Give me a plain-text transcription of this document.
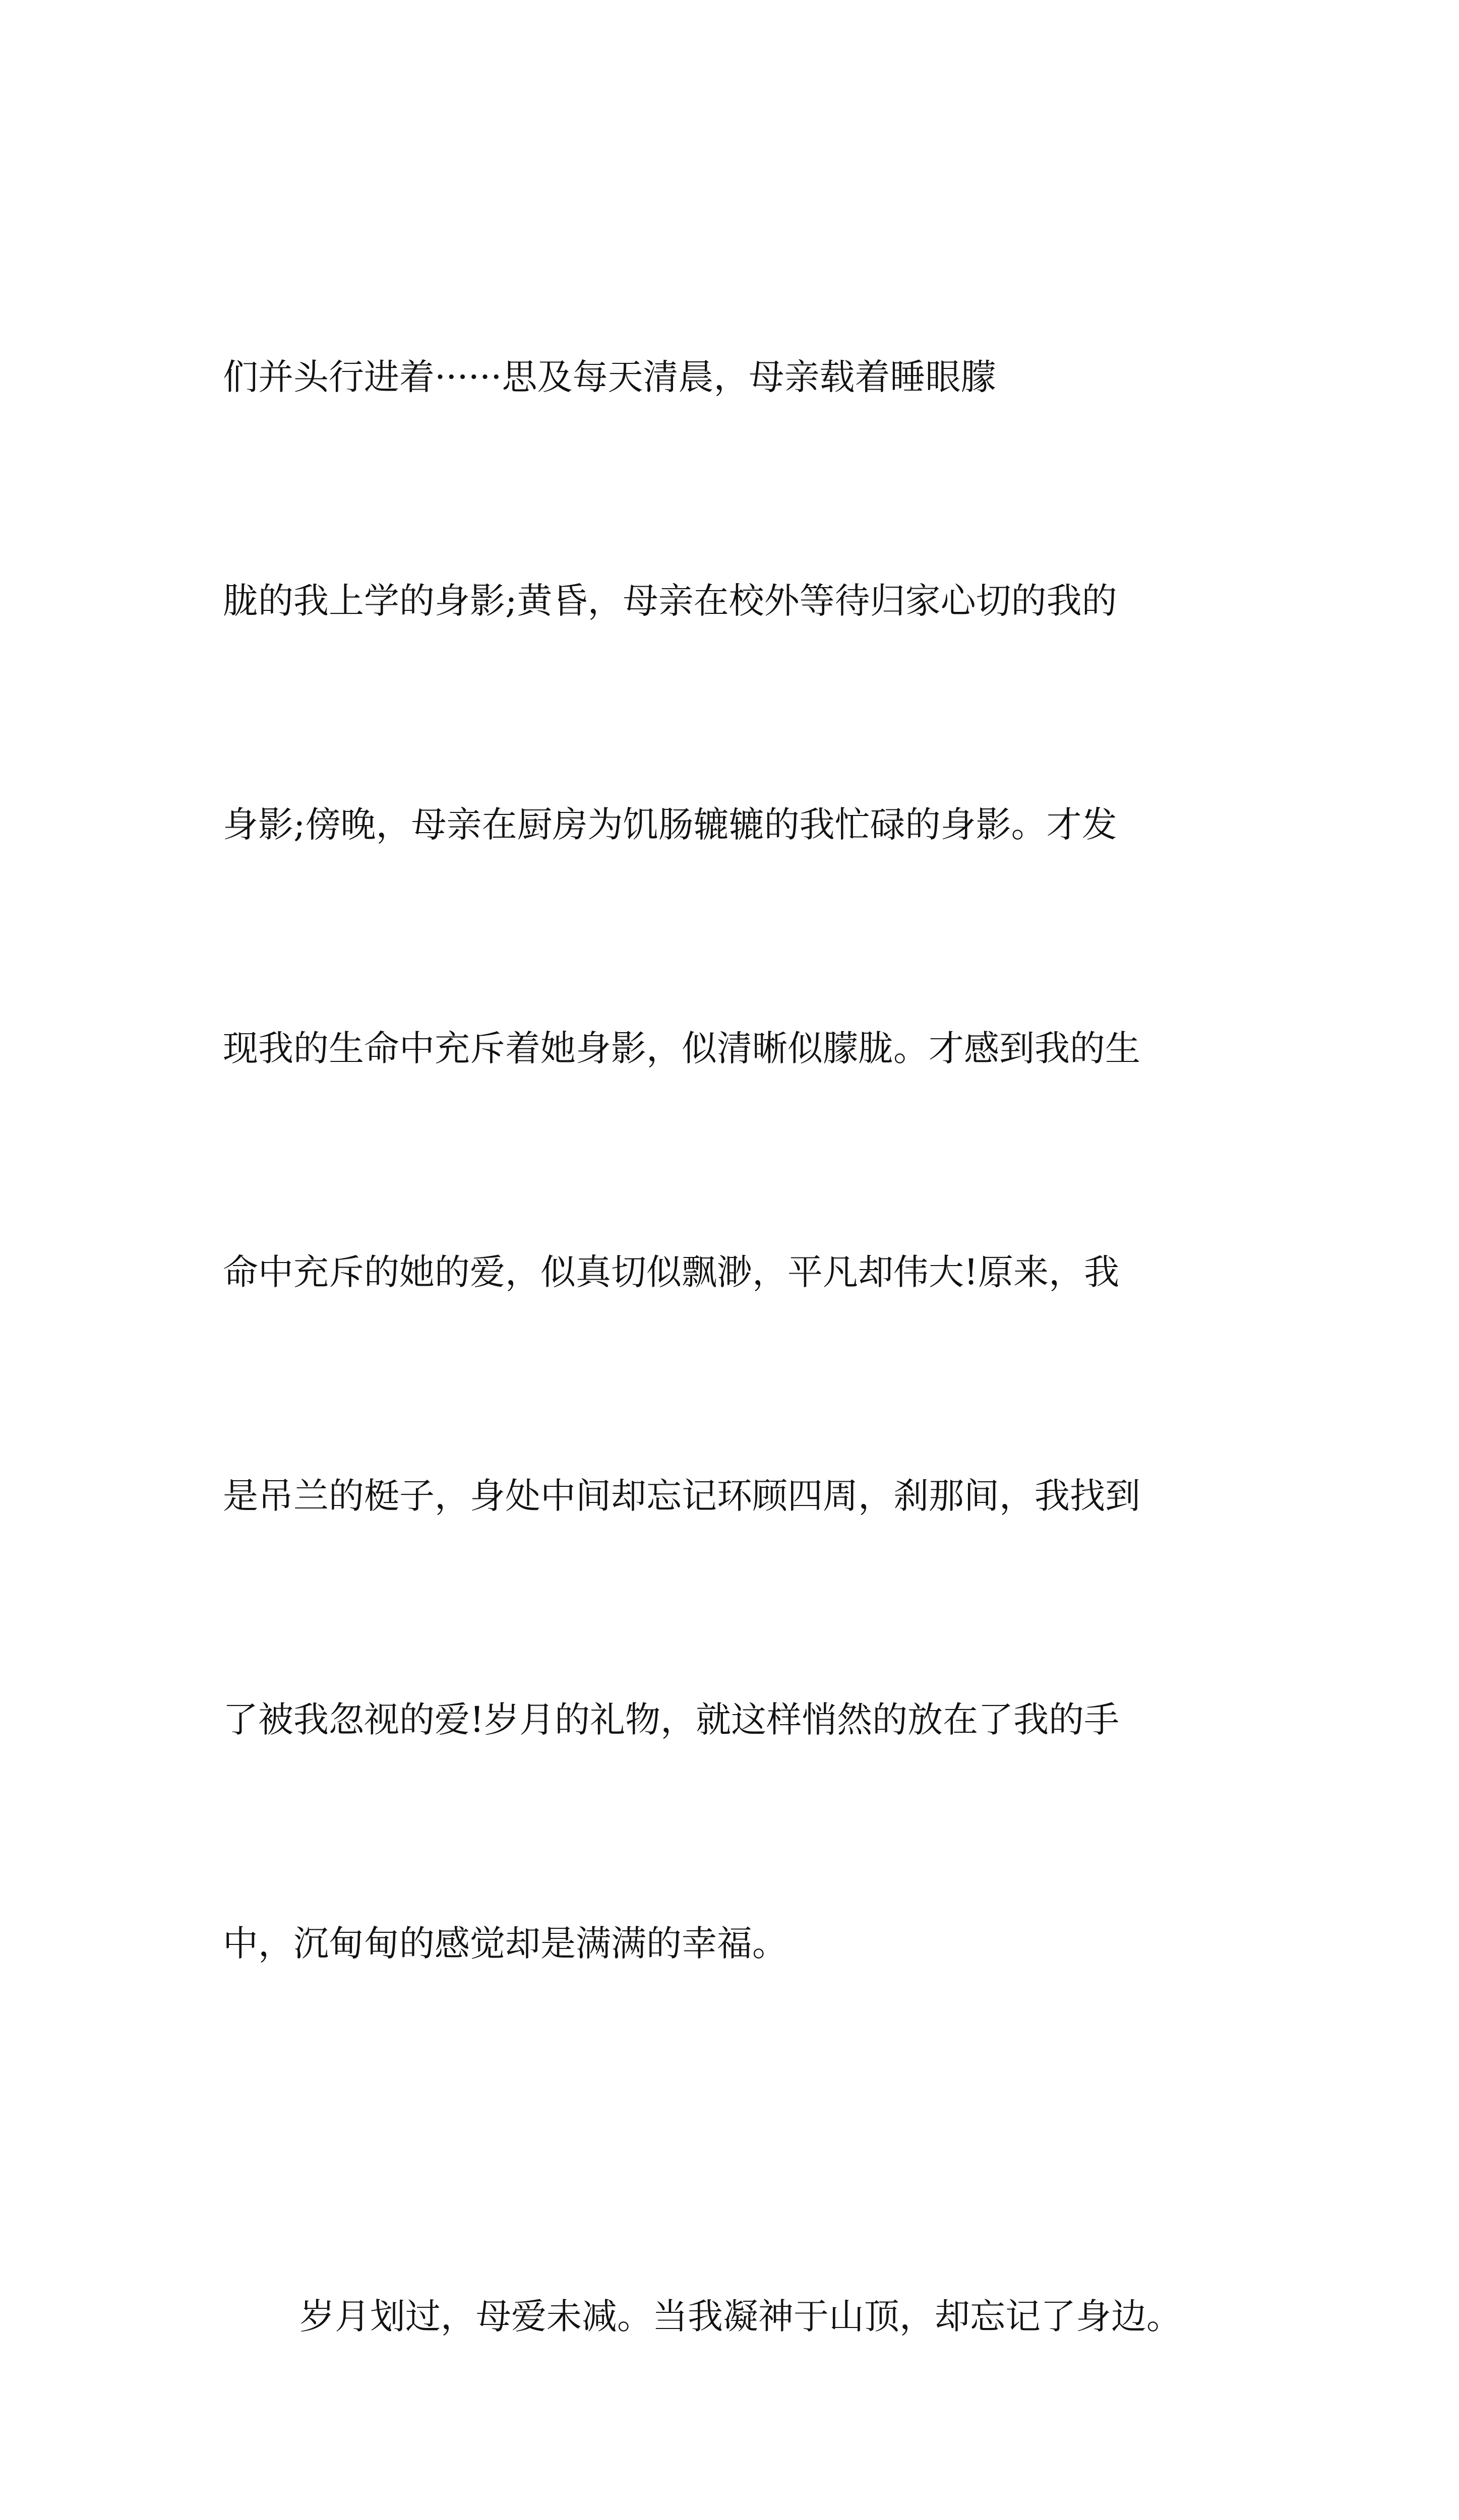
们并头行进着······思及每天清晨，母亲载着睡眼朦

胧的我上学的身影;黄昏，母亲在校外等待归家心切的我的

身影;傍晚，母亲在厨房为饥肠辘辘的我忙碌的身影。才发

现我的生命中充斥着她身影，似清晰似朦胧。才感到我的生

命中充斥的她的爱，似真切似飘渺，平凡却伟大!原来，我

是吊兰的梃子，身处中间却忘记环顾四周，刹那间，我找到

了被我忽视的爱!岁月的礼物，就这样悄然的放在了我的手

中，沉甸甸的感觉却是满满的幸福。

岁月划过，母爱未减。当我凝神于山顶，却忘记了身边。
